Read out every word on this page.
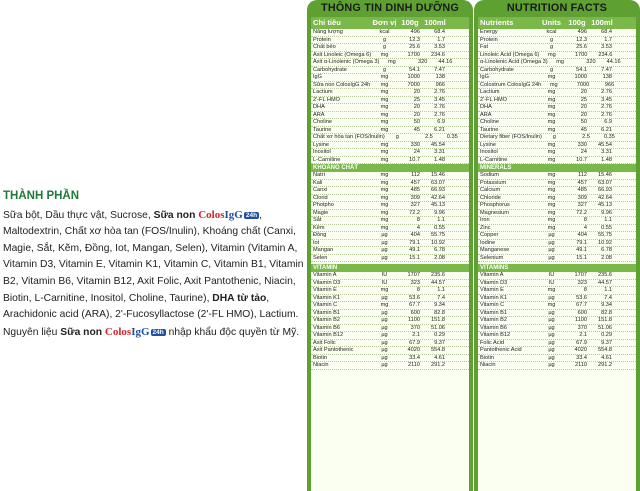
THÀNH PHẦN

Sữa bột, Dầu thực vật, Sucrose, Sữa non ColosIgG 24h , Maltodextrin, Chất xơ hòa tan (FOS/Inulin), Khoáng chất (Canxi, Magie, Sắt, Kẽm, Đồng, Iot, Mangan, Selen), Vitamin (Vitamin A, Vitamin D3, Vitamin E, Vitamin K1, Vitamin C, Vitamin B1, Vitamin B2, Vitamin B6, Vitamin B12, Axit Folic, Axit Pantothenic, Niacin, Biotin, L-Carnitine, Inositol, Choline, Taurine), DHA từ tảo, Arachidonic acid (ARA), 2'-Fucosyllactose (2'-FL HMO), Lactium.

Nguyên liệu Sữa non ColosIgG 24h nhập khẩu độc quyền từ Mỹ.

THÔNG TIN DINH DƯỠNG
Chỉ tiêu	Đơn vị 100g 100ml
Năng lượng	kcal	496	68.4
Protein	g	12.3	1.7
Chất béo	g	25.6	3.53
Axit Linoleic (Omega 6)	mg	1700	234.6
Axit α-Linolenic (Omega 3)	mg	320	44.16
Carbohydrate	g	54.1	7.47
IgG	mg	1000	138
Sữa non ColosIgG 24h	mg	7000	966
Lactium	mg	20	2.76
2'-FL HMO	mg	25	3.45
DHA	mg	20	2.76
ARA	mg	20	2.76
Choline	mg	50	6.9
Taurine	mg	45	6.21
Chất xơ hòa tan (FOS/Inulin)	g	2.5	0.35
Lysine	mg	330	45.54
Inositol	mg	24	3.31
L-Carnitine	mg	10.7	1.48
KHOÁNG CHẤT
Natri	mg	112	15.46
Kali	mg	457	63.07
Canxi	mg	485	66.93
Clorid	mg	309	42.64
Photpho	mg	327	45.13
Magie	mg	72.2	9.96
Sắt	mg	8	1.1
Kẽm	mg	4	0.55
Đồng	µg	404	55.75
Iot	µg	79.1	10.92
Mangan	µg	49.1	6.78
Selen	µg	15.1	2.08
VITAMIN
Vitamin A	IU	1707	235.6
Vitamin D3	IU	323	44.57
Vitamin E	mg	8	1.1
Vitamin K1	µg	53.6	7.4
Vitamin C	mg	67.7	9.34
Vitamin B1	µg	600	82.8
Vitamin B2	µg	1100	151.8
Vitamin B6	µg	370	51.06
Vitamin B12	µg	2.1	0.29
Axit Folic	µg	67.9	9.37
Axit Pantothenic	µg	4020	554.8
Biotin	µg	33.4	4.61
Niacin	µg	2110	291.2
NUTRITION FACTS
Nutrients	Units 100g 100ml
Energy	kcal	496	68.4
Protein	g	12.3	1.7
Fat	g	25.6	3.53
Linoleic Acid (Omega 6)	mg	1700	234.6
α-Linolenic Acid (Omega 3)	mg	320	44.16
Carbohydrate	g	54.1	7.47
IgG	mg	1000	138
Colostrum ColosIgG 24h	mg	7000	966
Lactium	mg	20	2.76
2'-FL HMO	mg	25	3.45
DHA	mg	20	2.76
ARA	mg	20	2.76
Choline	mg	50	6.9
Taurine	mg	45	6.21
Dietary fiber (FOS/Inulin)	g	2.5	0.35
Lysine	mg	330	45.54
Inositol	mg	24	3.31
L-Carnitine	mg	10.7	1.48
MINERALS
Sodium	mg	112	15.46
Potassium	mg	457	63.07
Calcium	mg	485	66.93
Chloride	mg	309	42.64
Phosphorus	mg	327	45.13
Magnesium	mg	72.2	9.96
Iron	mg	8	1.1
Zinc	mg	4	0.55
Copper	µg	404	55.75
Iodine	µg	79.1	10.92
Manganese	µg	49.1	6.78
Selenium	µg	15.1	2.08
VITAMINS
Vitamin A	IU	1707	235.6
Vitamin D3	IU	323	44.57
Vitamin E	mg	8	1.1
Vitamin K1	µg	53.6	7.4
Vitamin C	mg	67.7	9.34
Vitamin B1	µg	600	82.8
Vitamin B2	µg	1100	151.8
Vitamin B6	µg	370	51.06
Vitamin B12	µg	2.1	0.29
Folic Acid	µg	67.9	9.37
Pantothenic Acid	µg	4020	554.8
Biotin	µg	33.4	4.61
Niacin	µg	2110	291.2
